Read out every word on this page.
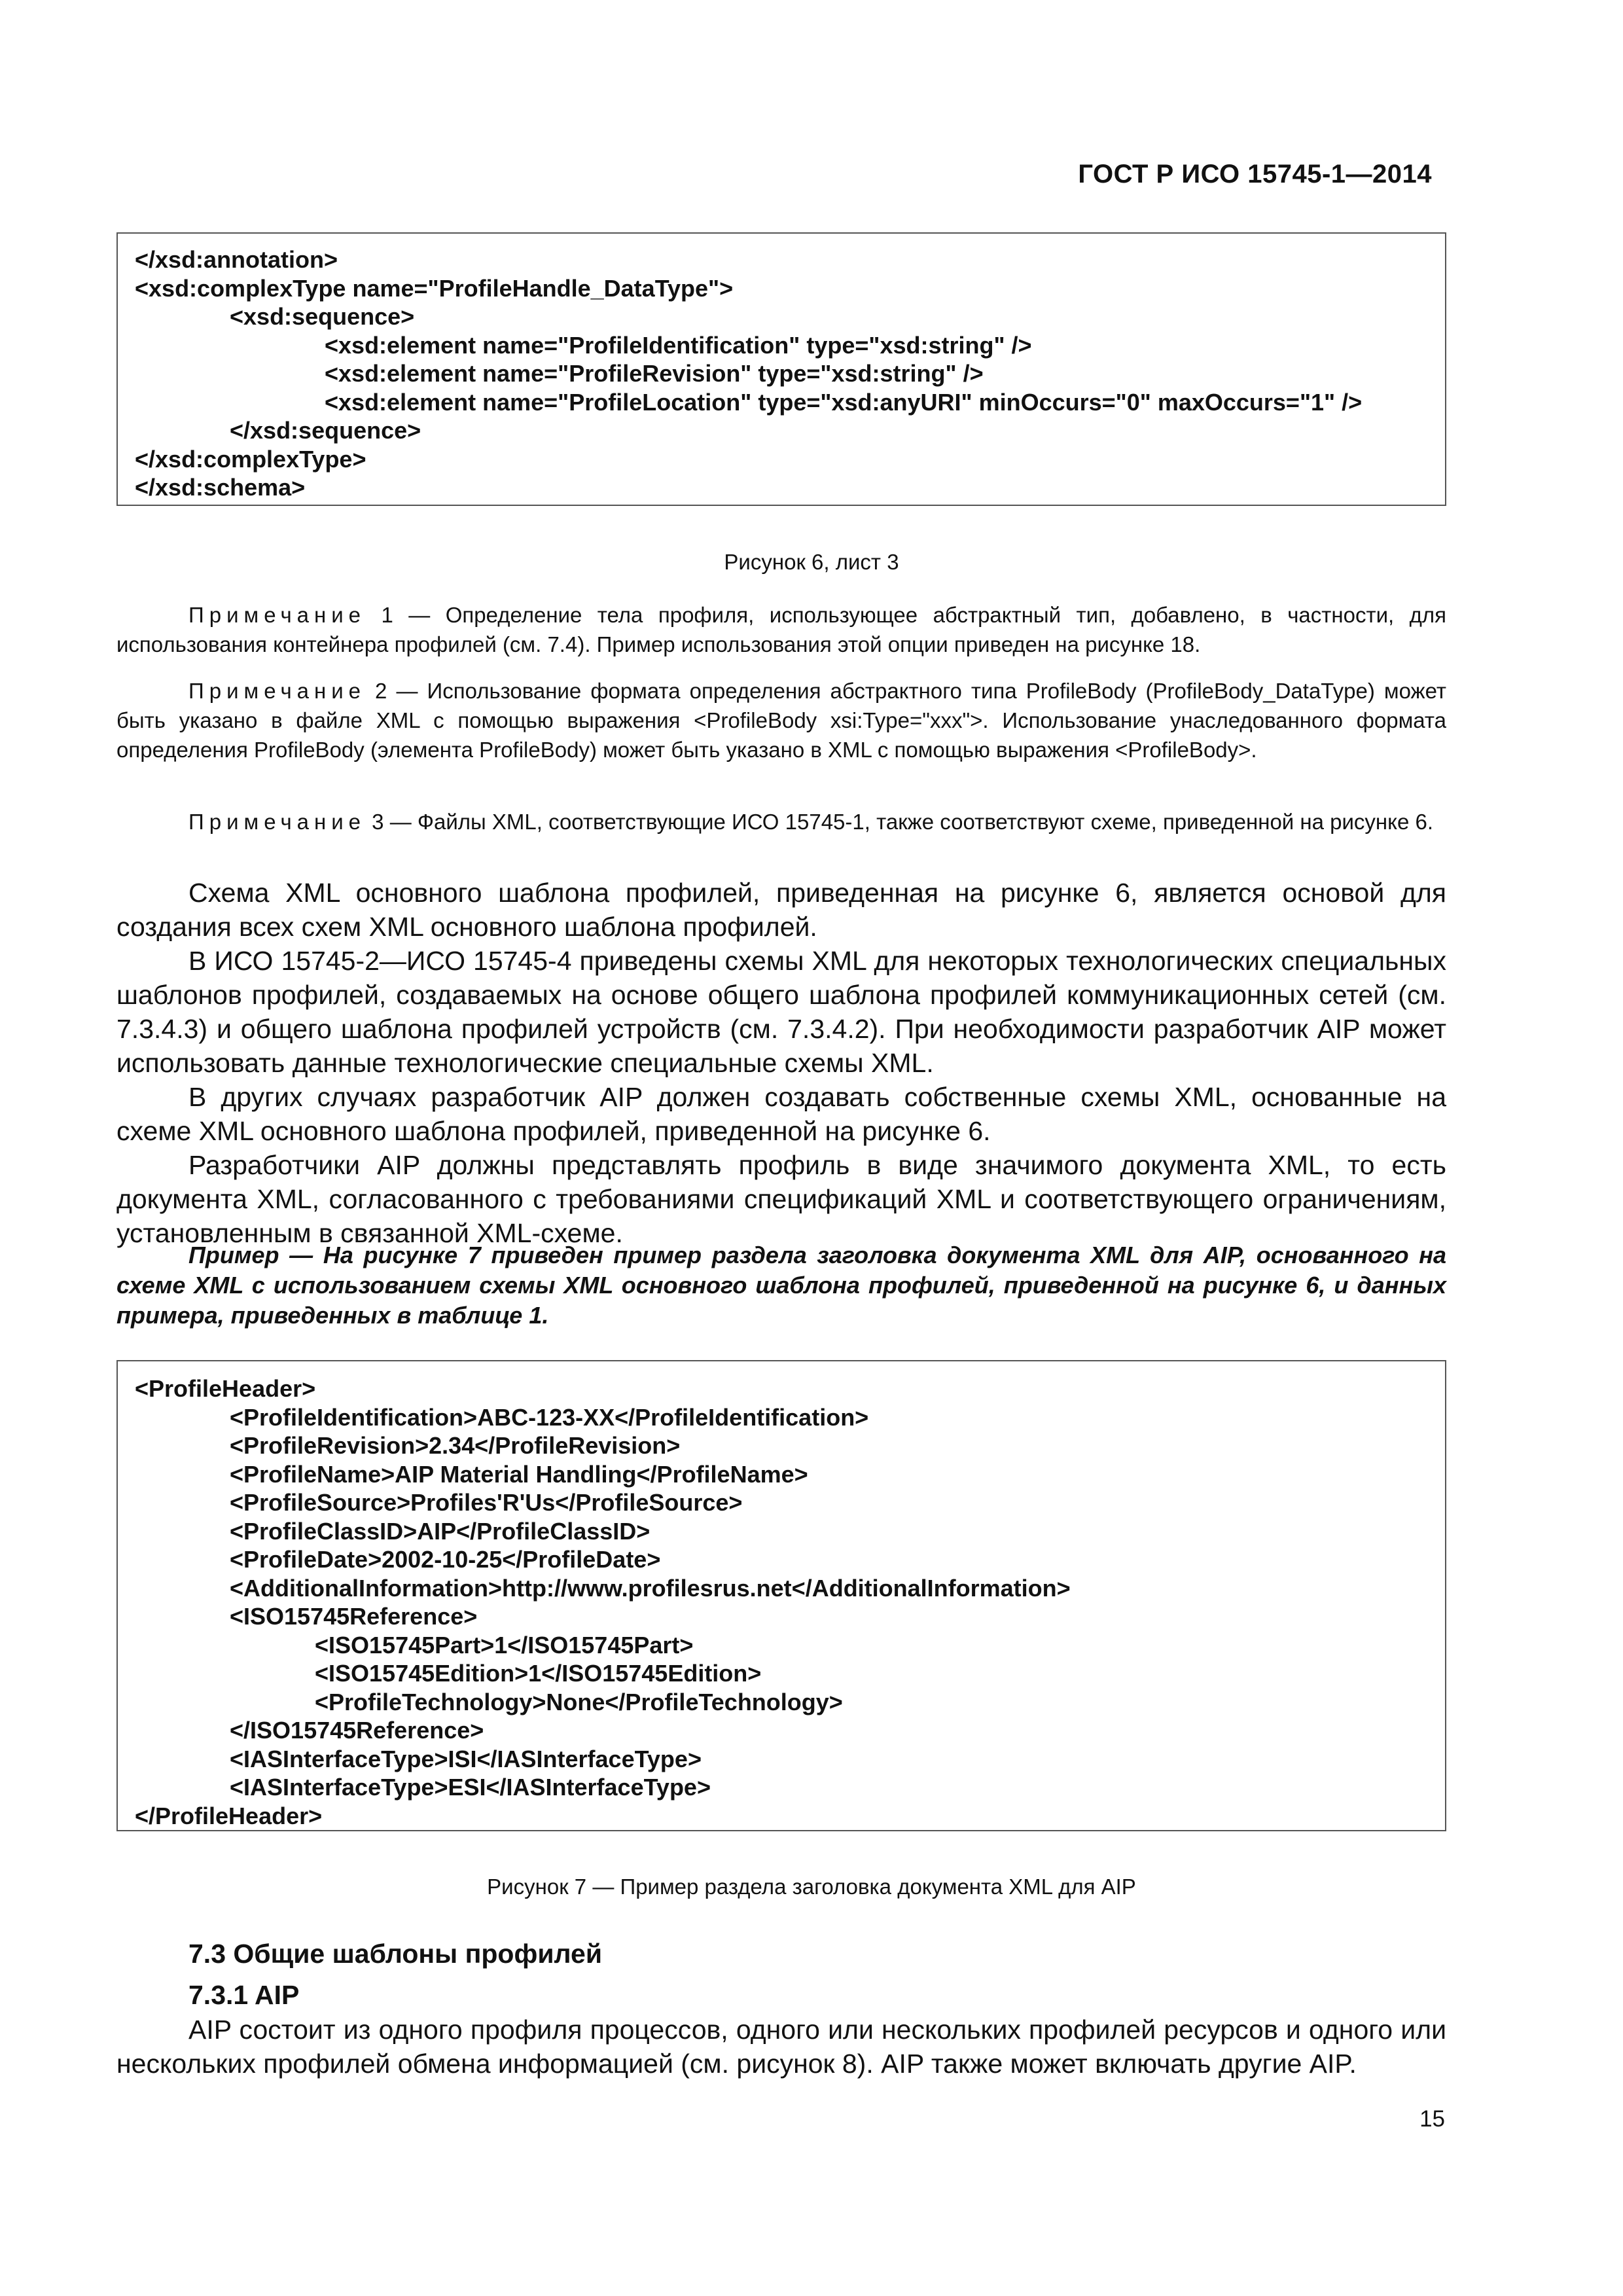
ГОСТ Р ИСО 15745-1—2014
</xsd:annotation>
<xsd:complexType name="ProfileHandle_DataType">
<xsd:sequence>
<xsd:element name="ProfileIdentification" type="xsd:string" />
<xsd:element name="ProfileRevision" type="xsd:string" />
<xsd:element name="ProfileLocation" type="xsd:anyURI" minOccurs="0" maxOccurs="1" />
</xsd:sequence>
</xsd:complexType>
</xsd:schema>
Рисунок 6, лист 3

Примечание 1 — Определение тела профиля, использующее абстрактный тип, добавлено, в частности, для использования контейнера профилей (см. 7.4). Пример использования этой опции приведен на рисунке 18.

Примечание 2 — Использование формата определения абстрактного типа ProfileBody (ProfileBody_DataType) может быть указано в файле XML с помощью выражения <ProfileBody xsi:Type="xxx">. Использование унаследованного формата определения ProfileBody (элемента ProfileBody) может быть указано в XML с помощью выражения <ProfileBody>.

Примечание 3 — Файлы XML, соответствующие ИСО 15745-1, также соответствуют схеме, приведенной на рисунке 6.

Схема XML основного шаблона профилей, приведенная на рисунке 6, является основой для создания всех схем XML основного шаблона профилей.

В ИСО 15745-2—ИСО 15745-4 приведены схемы XML для некоторых технологических специальных шаблонов профилей, создаваемых на основе общего шаблона профилей коммуникационных сетей (см. 7.3.4.3) и общего шаблона профилей устройств (см. 7.3.4.2). При необходимости разработчик AIP может использовать данные технологические специальные схемы XML.

В других случаях разработчик AIP должен создавать собственные схемы XML, основанные на схеме XML основного шаблона профилей, приведенной на рисунке 6.

Разработчики AIP должны представлять профиль в виде значимого документа XML, то есть документа XML, согласованного с требованиями спецификаций XML и соответствующего ограничениям, установленным в связанной XML-схеме.

Пример — На рисунке 7 приведен пример раздела заголовка документа XML для AIP, основанного на схеме XML с использованием схемы XML основного шаблона профилей, приведенной на рисунке 6, и данных примера, приведенных в таблице 1.

<ProfileHeader>
<ProfileIdentification>ABC-123-XX</ProfileIdentification>
<ProfileRevision>2.34</ProfileRevision>
<ProfileName>AIP Material Handling</ProfileName>
<ProfileSource>Profiles'R'Us</ProfileSource>
<ProfileClassID>AIP</ProfileClassID>
<ProfileDate>2002-10-25</ProfileDate>
<AdditionalInformation>http://www.profilesrus.net</AdditionalInformation>
<ISO15745Reference>
<ISO15745Part>1</ISO15745Part>
<ISO15745Edition>1</ISO15745Edition>
<ProfileTechnology>None</ProfileTechnology>
</ISO15745Reference>
<IASInterfaceType>ISI</IASInterfaceType>
<IASInterfaceType>ESI</IASInterfaceType>
</ProfileHeader>
Рисунок 7 — Пример раздела заголовка документа XML для AIP
7.3 Общие шаблоны профилей
7.3.1 AIP

AIP состоит из одного профиля процессов, одного или нескольких профилей ресурсов и одного или нескольких профилей обмена информацией (см. рисунок 8). AIP также может включать другие AIP.

15
